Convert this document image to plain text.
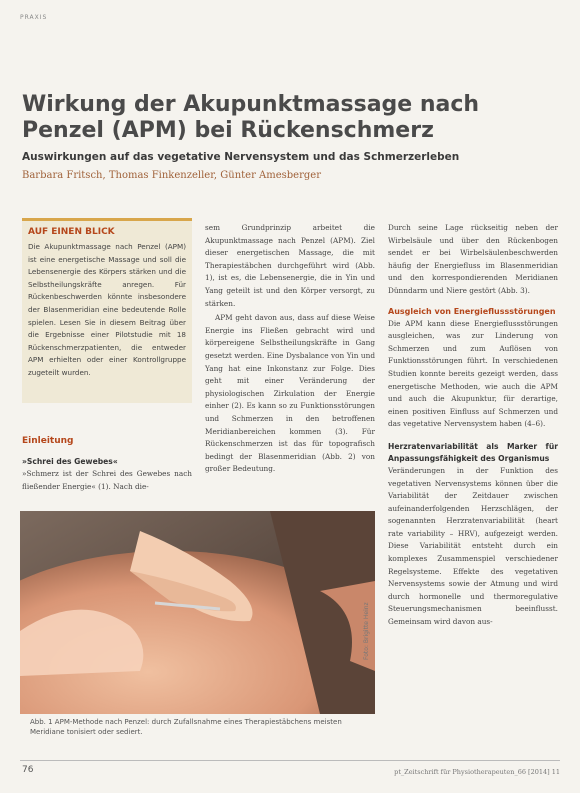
PRAXIS
Wirkung der Akupunktmassage nach Penzel (APM) bei Rückenschmerz
Auswirkungen auf das vegetative Nervensystem und das Schmerzerleben
Barbara Fritsch, Thomas Finkenzeller, Günter Amesberger
AUF EINEN BLICK
Die Akupunktmassage nach Penzel (APM) ist eine energetische Massage und soll die Lebensenergie des Körpers stärken und die Selbstheilungskräfte anregen. Für Rückenbeschwerden könnte insbesondere der Blasenmeridian eine bedeutende Rolle spielen. Lesen Sie in diesem Beitrag über die Ergebnisse einer Pilotstudie mit 18 Rückenschmerzpatienten, die entweder APM erhielten oder einer Kontrollgruppe zugeteilt wurden.
Einleitung
»Schrei des Gewebes«
»Schmerz ist der Schrei des Gewebes nach fließender Energie« (1). Nach die-

sem Grundprinzip arbeitet die Akupunktmassage nach Penzel (APM). Ziel dieser energetischen Massage, die mit Therapiestäbchen durchgeführt wird (Abb. 1), ist es, die Lebensenergie, die in Yin und Yang geteilt ist und den Körper versorgt, zu stärken.

APM geht davon aus, dass auf diese Weise Energie ins Fließen gebracht wird und körpereigene Selbstheilungskräfte in Gang gesetzt werden. Eine Dysbalance von Yin und Yang hat eine Inkonstanz zur Folge. Dies geht mit einer Veränderung der physiologischen Zirkulation der Energie einher (2). Es kann so zu Funktionsstörungen und Schmerzen in den betroffenen Meridianbereichen kommen (3). Für Rückenschmerzen ist das für topografisch bedingt der Blasenmeridian (Abb. 2) von großer Bedeutung.

Durch seine Lage rückseitig neben der Wirbelsäule und über den Rückenbogen sendet er bei Wirbelsäulenbeschwerden häufig der Energiefluss im Blasenmeridian und den korrespondierenden Meridianen Dünndarm und Niere gestört (Abb. 3).

Ausgleich von Energieflussstörungen

Die APM kann diese Energieflussstörungen ausgleichen, was zur Linderung von Schmerzen und zum Auflösen von Funktionsstörungen führt. In verschiedenen Studien konnte bereits gezeigt werden, dass energetische Methoden, wie auch die APM und auch die Akupunktur, für derartige, einen positiven Einfluss auf Schmerzen und das vegetative Nervensystem haben (4–6).

Herzratenvariabilität als Marker für Anpassungsfähigkeit des Organismus

Veränderungen in der Funktion des vegetativen Nervensystems können über die Variabilität der Zeitdauer zwischen aufeinanderfolgenden Herzschlägen, der sogenannten Herzratenvariabilität (heart rate variability – HRV), aufgezeigt werden. Diese Variabilität entsteht durch ein komplexes Zusammenspiel verschiedener Regelsysteme. Effekte des vegetativen Nervensystems sowie der Atmung und wird durch hormonelle und thermoregulative Steuerungsmechanismen beeinflusst. Gemeinsam wird davon aus-

Foto: Brigitte Heinz
Abb. 1 APM-Methode nach Penzel: durch Zufallsnahme eines Therapiestäbchens meisten Meridiane tonisiert oder sediert.
76	pt_Zeitschrift für Physiotherapeuten_66 [2014] 11
